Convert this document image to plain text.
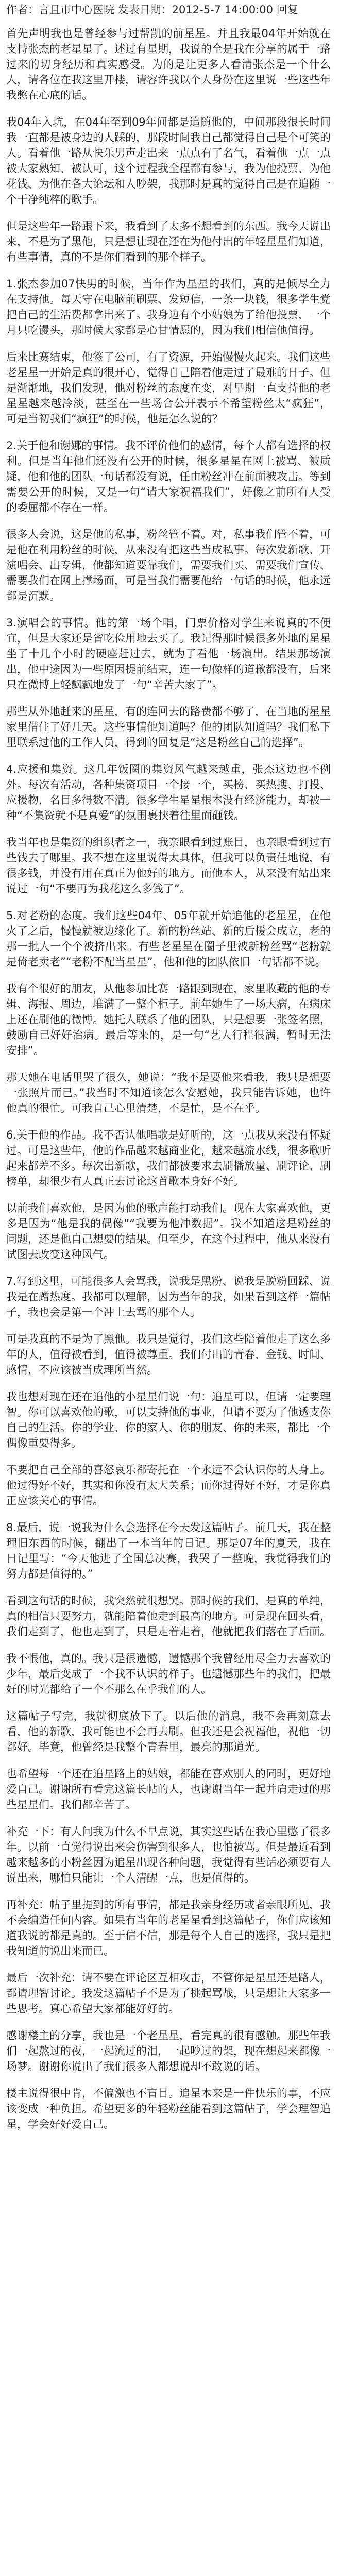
作者：言且市中心医院 发表日期：2012-5-7 14:00:00 回复

首先声明我也是曾经参与过帮凯的前星星。并且我最04年开始就在支持张杰的老星星了。述过有星期，我说的全是我在分享的属于一路过来的切身经历和真实感受。为的是让更多人看清张杰是一个什么人，请各位在我这里开楼，请容许我以个人身份在这里说一些这些年我憋在心底的话。

我04年入坑，在04年至到09年间都是追随他的，中间那段很长时间我一直都是被身边的人踩的，那段时间我自己都觉得自己是个可笑的人。看着他一路从快乐男声走出来一点点有了名气，看着他一点一点被大家熟知、被认可，这个过程我全程都有参与，我为他投票、为他花钱、为他在各大论坛和人吵架，我那时是真的觉得自己是在追随一个干净纯粹的歌手。

但是这些年一路跟下来，我看到了太多不想看到的东西。我今天说出来，不是为了黑他，只是想让现在还在为他付出的年轻星星们知道，有些事情，真的不是你们看到的那个样子。

1.张杰参加07快男的时候，当年作为星星的我们，真的是倾尽全力在支持他。每天守在电脑前刷票、发短信，一条一块钱，很多学生党把自己的生活费都拿出来了。我身边有个小姑娘为了给他投票，一个月只吃馒头，那时候大家都是心甘情愿的，因为我们相信他值得。

后来比赛结束，他签了公司，有了资源，开始慢慢火起来。我们这些老星星一开始是真的很开心，觉得自己陪着他走过了最难的日子。但是渐渐地，我们发现，他对粉丝的态度在变，对早期一直支持他的老星星越来越冷淡，甚至在一些场合公开表示不希望粉丝太“疯狂”，可是当初我们“疯狂”的时候，他是怎么说的？

2.关于他和谢娜的事情。我不评价他们的感情，每个人都有选择的权利。但是当年他们还没有公开的时候，很多星星在网上被骂、被质疑，他和他的团队一句话都没有说，任由粉丝冲在前面被攻击。等到需要公开的时候，又是一句“请大家祝福我们”，好像之前所有人受的委屈都不存在一样。

很多人会说，这是他的私事，粉丝管不着。对，私事我们管不着，可是他在利用粉丝的时候，从来没有把这些当成私事。每次发新歌、开演唱会、出专辑，他都知道要靠我们，需要我们买、需要我们宣传、需要我们在网上撑场面，可是当我们需要他给一句话的时候，他永远都是沉默。

3.演唱会的事情。他的第一场个唱，门票价格对学生来说真的不便宜，但是大家还是省吃俭用地去买了。我记得那时候很多外地的星星坐了十几个小时的硬座赶过去，就为了看他一场演出。结果那场演出，他中途因为一些原因提前结束，连一句像样的道歉都没有，后来只在微博上轻飘飘地发了一句“辛苦大家了”。

那些从外地赶来的星星，有的连回去的路费都不够了，在当地的星星家里借住了好几天。这些事情他知道吗？他的团队知道吗？我们私下里联系过他的工作人员，得到的回复是“这是粉丝自己的选择”。

4.应援和集资。这几年饭圈的集资风气越来越重，张杰这边也不例外。每次有活动，各种集资项目一个接一个，买榜、买热搜、打投、应援物，名目多得数不清。很多学生星星根本没有经济能力，却被一种“不集资就不是真爱”的氛围裹挟着往里面砸钱。

我当年也是集资的组织者之一，我亲眼看到过账目，也亲眼看到过有些钱去了哪里。我不想在这里说得太具体，但我可以负责任地说，有很多钱，并没有用在真正为他好的地方。而他本人，从来没有站出来说过一句“不要再为我花这么多钱了”。

5.对老粉的态度。我们这些04年、05年就开始追他的老星星，在他火了之后，慢慢就被边缘化了。新的粉丝站、新的后援会成立，老的那一批人一个个被挤出来。有些老星星在圈子里被新粉丝骂“老粉就是倚老卖老”“老粉不配当星星”，他和他的团队依旧一句话都不说。

我有个很好的朋友，从他参加比赛一路跟到现在，家里收藏的他的专辑、海报、周边，堆满了一整个柜子。前年她生了一场大病，在病床上还在刷他的微博。她托人联系了他的团队，只是想要一张签名照，鼓励自己好好治病。最后等来的，是一句“艺人行程很满，暂时无法安排”。

那天她在电话里哭了很久，她说：“我不是要他来看我，我只是想要一张照片而已。”我当时不知道该怎么安慰她，我只能告诉她，也许他真的很忙。可我自己心里清楚，不是忙，是不在乎。

6.关于他的作品。我不否认他唱歌是好听的，这一点我从来没有怀疑过。可是这些年，他的作品越来越商业化，越来越流水线，很多歌听起来都差不多。每次出新歌，我们都被要求去刷播放量、刷评论、刷榜单，却很少有人真正去讨论这首歌本身好不好。

以前我们喜欢他，是因为他的歌声能打动我们。现在大家喜欢他，更多是因为“他是我的偶像”“我要为他冲数据”。我不知道这是粉丝的问题，还是他自己想要的结果。但至少，在这个过程中，他从来没有试图去改变这种风气。

7.写到这里，可能很多人会骂我，说我是黑粉、说我是脱粉回踩、说我是在蹭热度。我都可以理解，因为当年的我，如果看到这样一篇帖子，我也会是第一个冲上去骂的那个人。

可是我真的不是为了黑他。我只是觉得，我们这些陪着他走了这么多年的人，值得被看到，值得被尊重。我们付出的青春、金钱、时间、感情，不应该被当成理所当然。

我也想对现在还在追他的小星星们说一句：追星可以，但请一定要理智。你可以喜欢他的歌，可以支持他的事业，但请不要为了他透支你自己的生活。你的学业、你的家人、你的朋友、你的未来，都比一个偶像重要得多。

不要把自己全部的喜怒哀乐都寄托在一个永远不会认识你的人身上。他过得好不好，其实和你没有太大关系；而你过得好不好，才是你真正应该关心的事情。

8.最后，说一说我为什么会选择在今天发这篇帖子。前几天，我在整理旧东西的时候，翻出了一本当年的日记。那是07年的夏天，我在日记里写：“今天他进了全国总决赛，我哭了一整晚，我觉得我们的努力都是值得的。”

看到这句话的时候，我突然就很想哭。那时候的我们，是真的单纯，真的相信只要努力，就能陪着他走到最高的地方。可是现在回头看，我们走到了，他也走到了，只是走着走着，他就把我们落在了后面。

我不恨他，真的。我只是很遗憾，遗憾那个我曾经用尽全力去喜欢的少年，最后变成了一个我不认识的样子。也遗憾那些年的我们，把最好的时光都给了一个不那么在乎我们的人。

这篇帖子写完，我就彻底放下了。以后他的消息，我不会再刻意去看，他的新歌，我可能也不会再去刷。但我还是会祝福他，祝他一切都好。毕竟，他曾经是我整个青春里，最亮的那道光。

也希望每一个还在追星路上的姑娘，都能在喜欢别人的同时，更好地爱自己。谢谢所有看完这篇长帖的人，也谢谢当年一起并肩走过的那些星星们。我们都辛苦了。

补充一下：有人问我为什么不早点说，其实这些话在我心里憋了很多年。以前一直觉得说出来会伤害到很多人，也怕被骂。但是最近看到越来越多的小粉丝因为追星出现各种问题，我觉得有些话必须要有人说出来，哪怕只能让一个人清醒一点，也是值得的。

再补充：帖子里提到的所有事情，都是我亲身经历或者亲眼所见，我不会编造任何内容。如果有当年的老星星看到这篇帖子，你们应该知道我说的都是真的。至于信不信，那是每个人自己的选择，我只是把我知道的说出来而已。

最后一次补充：请不要在评论区互相攻击，不管你是星星还是路人，都请理智讨论。我发这篇帖子不是为了挑起骂战，只是想让大家多一些思考。真心希望大家都能好好的。

感谢楼主的分享，我也是一个老星星，看完真的很有感触。那些年我们一起熬过的夜，一起流过的泪，一起吵过的架，现在想起来都像一场梦。谢谢你说出了我们很多人都想说却不敢说的话。

楼主说得很中肯，不偏激也不盲目。追星本来是一件快乐的事，不应该变成一种负担。希望更多的年轻粉丝能看到这篇帖子，学会理智追星，学会好好爱自己。
